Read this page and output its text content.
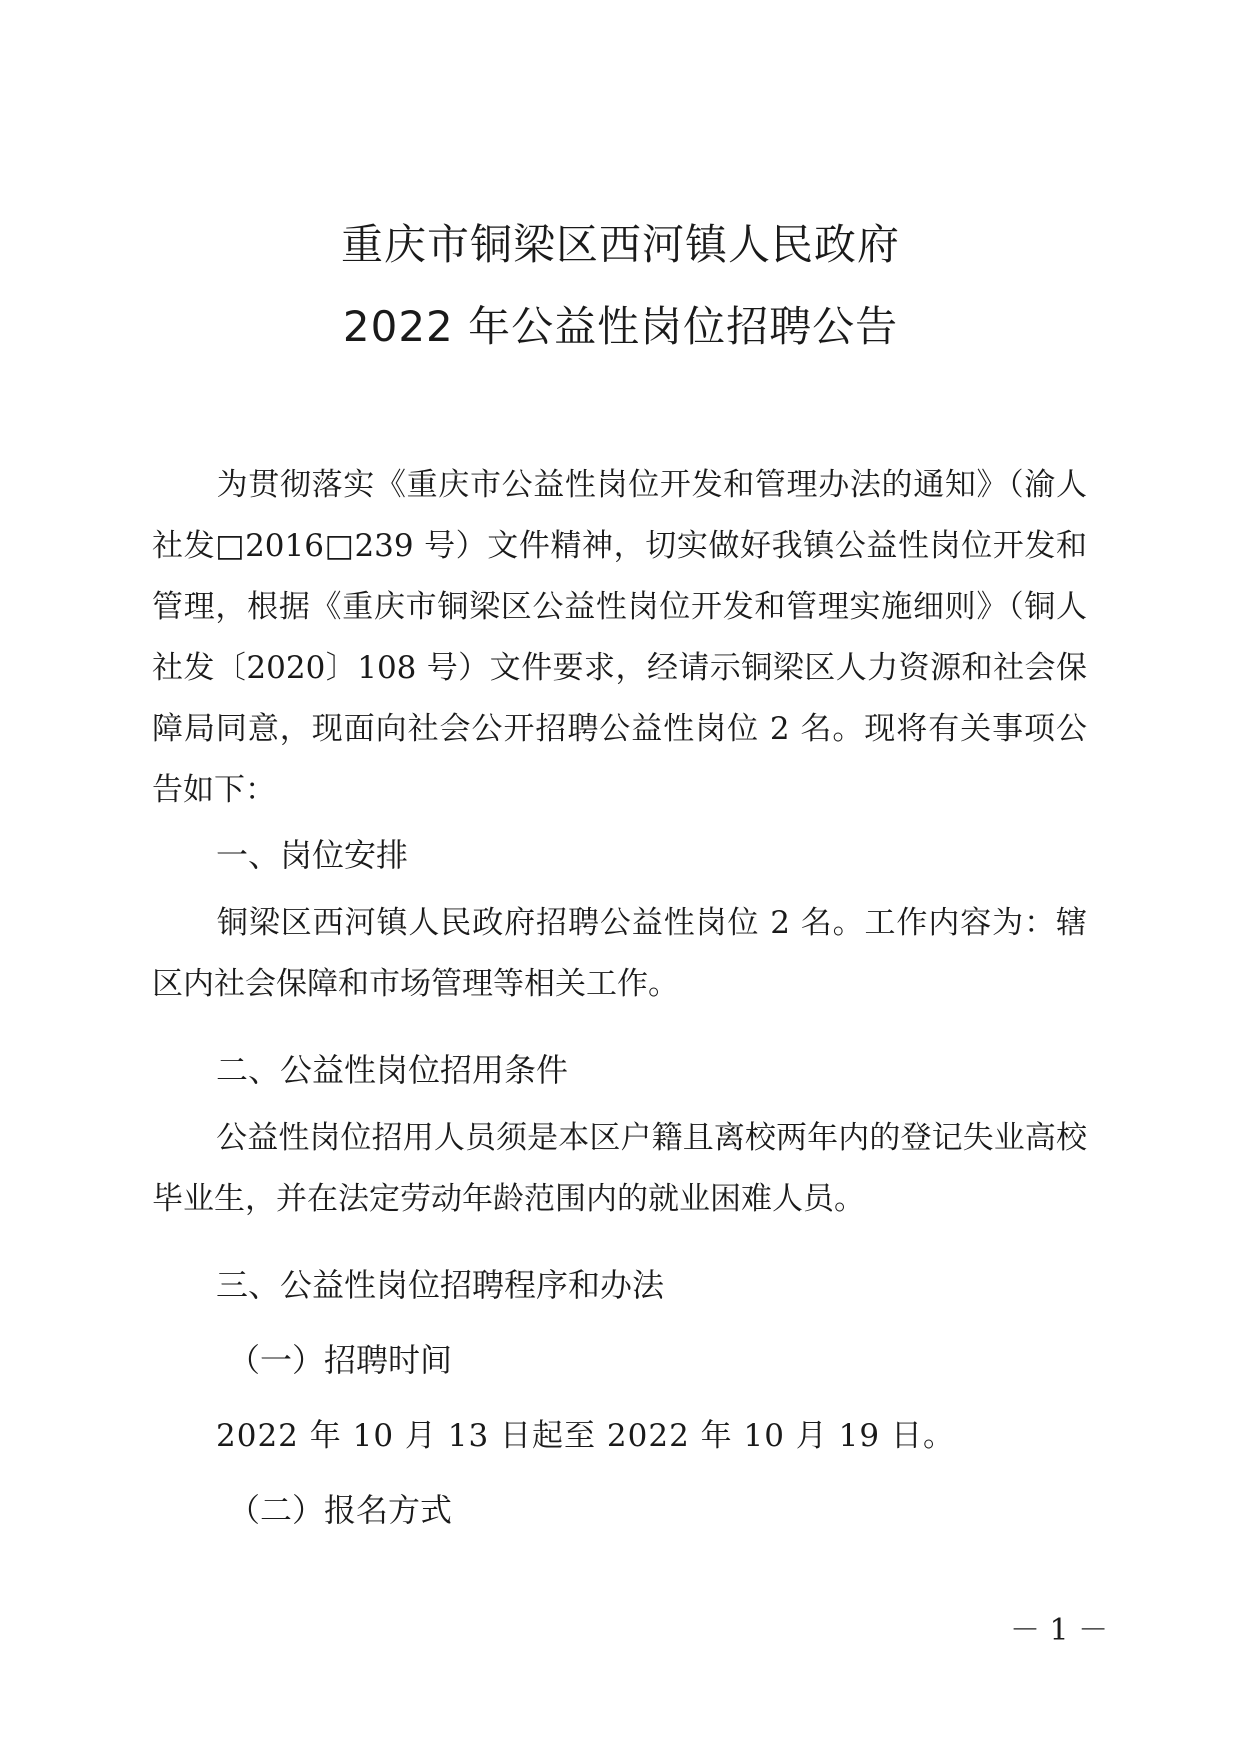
重庆市铜梁区西河镇人民政府
2022 年公益性岗位招聘公告

为贯彻落实《重庆市公益性岗位开发和管理办法的通知》（渝人社发□2016□239 号）文件精神，切实做好我镇公益性岗位开发和管理，根据《重庆市铜梁区公益性岗位开发和管理实施细则》（铜人社发〔2020〕108 号）文件要求，经请示铜梁区人力资源和社会保障局同意，现面向社会公开招聘公益性岗位 2 名。现将有关事项公告如下：

一、岗位安排

铜梁区西河镇人民政府招聘公益性岗位 2 名。工作内容为：辖区内社会保障和市场管理等相关工作。

二、公益性岗位招用条件

公益性岗位招用人员须是本区户籍且离校两年内的登记失业高校毕业生，并在法定劳动年龄范围内的就业困难人员。

三、公益性岗位招聘程序和办法
（一）招聘时间
2022 年 10 月 13 日起至 2022 年 10 月 19 日。
（二）报名方式
－ 1 －
